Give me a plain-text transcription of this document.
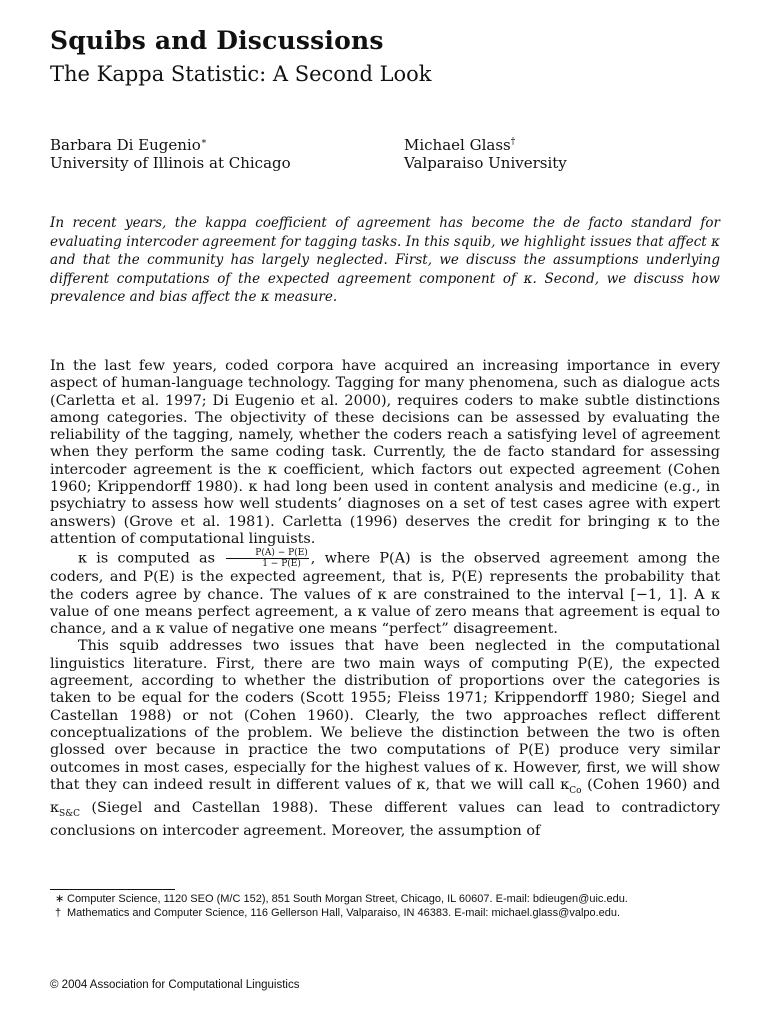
Squibs and Discussions
The Kappa Statistic: A Second Look
Barbara Di Eugenio∗
University of Illinois at Chicago
Michael Glass†
Valparaiso University
In recent years, the kappa coefficient of agreement has become the de facto standard for evaluating intercoder agreement for tagging tasks. In this squib, we highlight issues that affect κ and that the community has largely neglected. First, we discuss the assumptions underlying different computations of the expected agreement component of κ. Second, we discuss how prevalence and bias affect the κ measure.

In the last few years, coded corpora have acquired an increasing importance in every aspect of human-language technology. Tagging for many phenomena, such as dialogue acts (Carletta et al. 1997; Di Eugenio et al. 2000), requires coders to make subtle distinctions among categories. The objectivity of these decisions can be assessed by evaluating the reliability of the tagging, namely, whether the coders reach a satisfying level of agreement when they perform the same coding task. Currently, the de facto standard for assessing intercoder agreement is the κ coefficient, which factors out expected agreement (Cohen 1960; Krippendorff 1980). κ had long been used in content analysis and medicine (e.g., in psychiatry to assess how well students’ diagnoses on a set of test cases agree with expert answers) (Grove et al. 1981). Carletta (1996) deserves the credit for bringing κ to the attention of computational linguists.

κ is computed as $\frac{P(A) - P(E)}{1 - P(E)}$ , where P(A) is the observed agreement among the coders, and P(E) is the expected agreement, that is, P(E) represents the probability that the coders agree by chance. The values of κ are constrained to the interval [−1, 1]. A κ value of one means perfect agreement, a κ value of zero means that agreement is equal to chance, and a κ value of negative one means “perfect” disagreement.

This squib addresses two issues that have been neglected in the computational linguistics literature. First, there are two main ways of computing P(E), the expected agreement, according to whether the distribution of proportions over the categories is taken to be equal for the coders (Scott 1955; Fleiss 1971; Krippendorff 1980; Siegel and Castellan 1988) or not (Cohen 1960). Clearly, the two approaches reflect different conceptualizations of the problem. We believe the distinction between the two is often glossed over because in practice the two computations of P(E) produce very similar outcomes in most cases, especially for the highest values of κ. However, first, we will show that they can indeed result in different values of κ, that we will call $\kappa_{Co}$ (Cohen 1960) and $\kappa_{S\&C}$ (Siegel and Castellan 1988). These different values can lead to contradictory conclusions on intercoder agreement. Moreover, the assumption of

∗ Computer Science, 1120 SEO (M/C 152), 851 South Morgan Street, Chicago, IL 60607. E-mail: bdieugen@uic.edu.
† Mathematics and Computer Science, 116 Gellerson Hall, Valparaiso, IN 46383. E-mail: michael.glass@valpo.edu.
© 2004 Association for Computational Linguistics
